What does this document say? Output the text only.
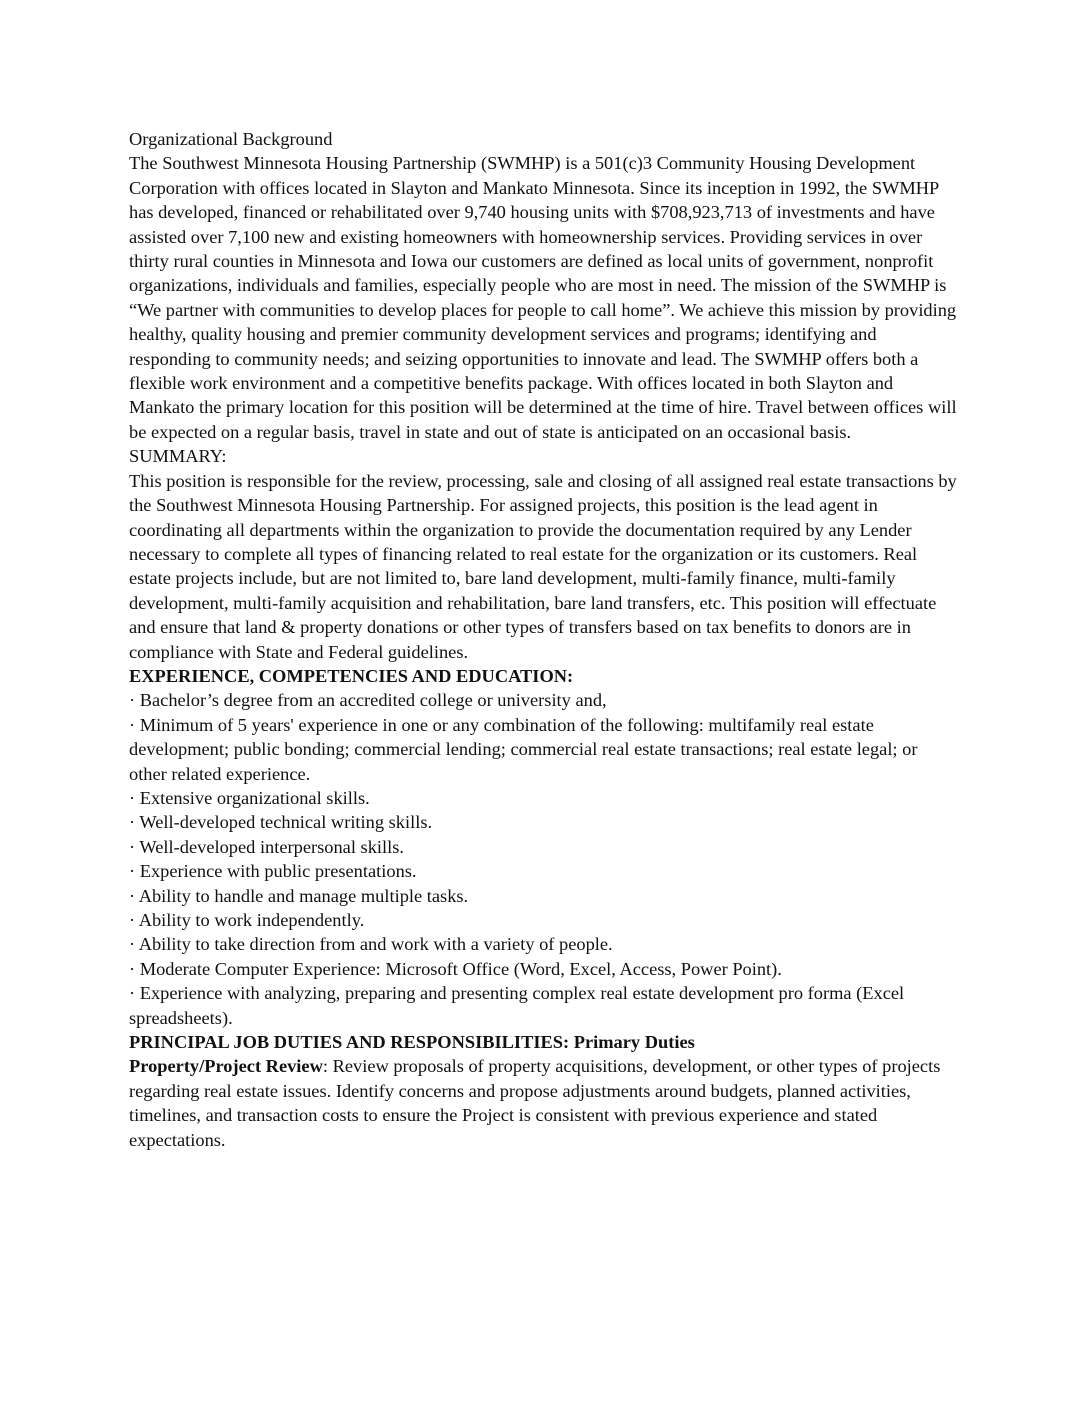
Organizational Background

The Southwest Minnesota Housing Partnership (SWMHP) is a 501(c)3 Community Housing Development Corporation with offices located in Slayton and Mankato Minnesota. Since its inception in 1992, the SWMHP has developed, financed or rehabilitated over 9,740 housing units with $708,923,713 of investments and have assisted over 7,100 new and existing homeowners with homeownership services. Providing services in over thirty rural counties in Minnesota and Iowa our customers are defined as local units of government, nonprofit organizations, individuals and families, especially people who are most in need. The mission of the SWMHP is “We partner with communities to develop places for people to call home”. We achieve this mission by providing healthy, quality housing and premier community development services and programs; identifying and responding to community needs; and seizing opportunities to innovate and lead. The SWMHP offers both a flexible work environment and a competitive benefits package. With offices located in both Slayton and Mankato the primary location for this position will be determined at the time of hire. Travel between offices will be expected on a regular basis, travel in state and out of state is anticipated on an occasional basis.

SUMMARY:

This position is responsible for the review, processing, sale and closing of all assigned real estate transactions by the Southwest Minnesota Housing Partnership. For assigned projects, this position is the lead agent in coordinating all departments within the organization to provide the documentation required by any Lender necessary to complete all types of financing related to real estate for the organization or its customers. Real estate projects include, but are not limited to, bare land development, multi-family finance, multi-family development, multi-family acquisition and rehabilitation, bare land transfers, etc. This position will effectuate and ensure that land & property donations or other types of transfers based on tax benefits to donors are in compliance with State and Federal guidelines.

EXPERIENCE, COMPETENCIES AND EDUCATION:

· Bachelor’s degree from an accredited college or university and,

· Minimum of 5 years' experience in one or any combination of the following: multifamily real estate development; public bonding; commercial lending; commercial real estate transactions; real estate legal; or other related experience.

· Extensive organizational skills.

· Well-developed technical writing skills.

· Well-developed interpersonal skills.

· Experience with public presentations.

· Ability to handle and manage multiple tasks.

· Ability to work independently.

· Ability to take direction from and work with a variety of people.

· Moderate Computer Experience: Microsoft Office (Word, Excel, Access, Power Point).

· Experience with analyzing, preparing and presenting complex real estate development pro forma (Excel spreadsheets).

PRINCIPAL JOB DUTIES AND RESPONSIBILITIES: Primary Duties

Property/Project Review: Review proposals of property acquisitions, development, or other types of projects regarding real estate issues. Identify concerns and propose adjustments around budgets, planned activities, timelines, and transaction costs to ensure the Project is consistent with previous experience and stated expectations.
